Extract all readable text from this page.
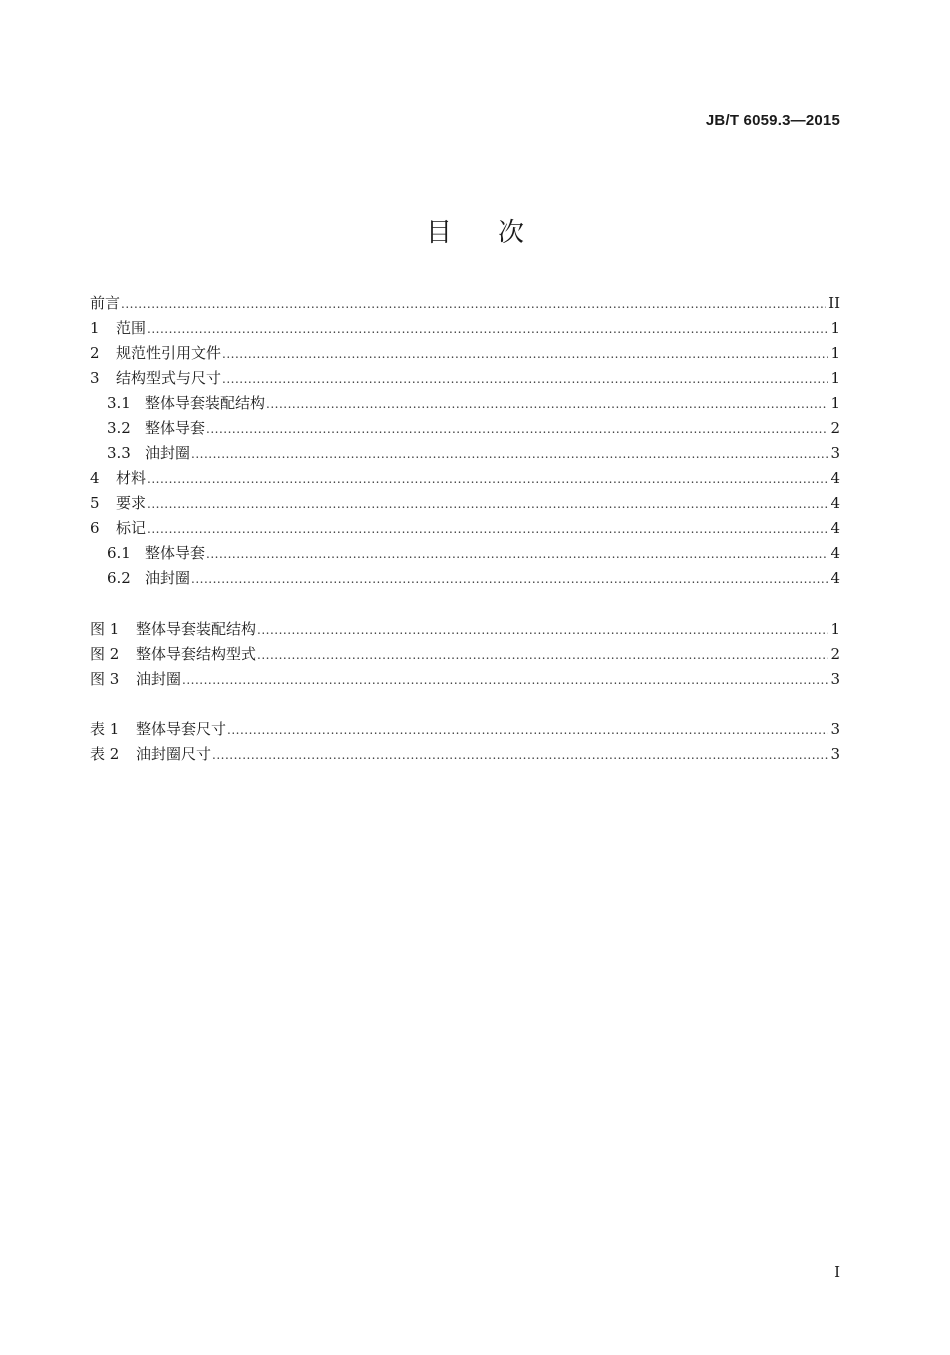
JB/T 6059.3—2015
目次
前言 .....	II
1	范围 .....	1
2	规范性引用文件 .....	1
3	结构型式与尺寸 .....	1
3.1 整体导套装配结构 .....	1
3.2 整体导套 .....	2
3.3 油封圈 .....	3
4	材料 .....	4
5	要求 .....	4
6	标记 .....	4
6.1 整体导套 .....	4
6.2 油封圈 .....	4
图 1	整体导套装配结构 .....	1
图 2	整体导套结构型式 .....	2
图 3	油封圈 .....	3
表 1	整体导套尺寸 .....	3
表 2	油封圈尺寸 .....	3
I
